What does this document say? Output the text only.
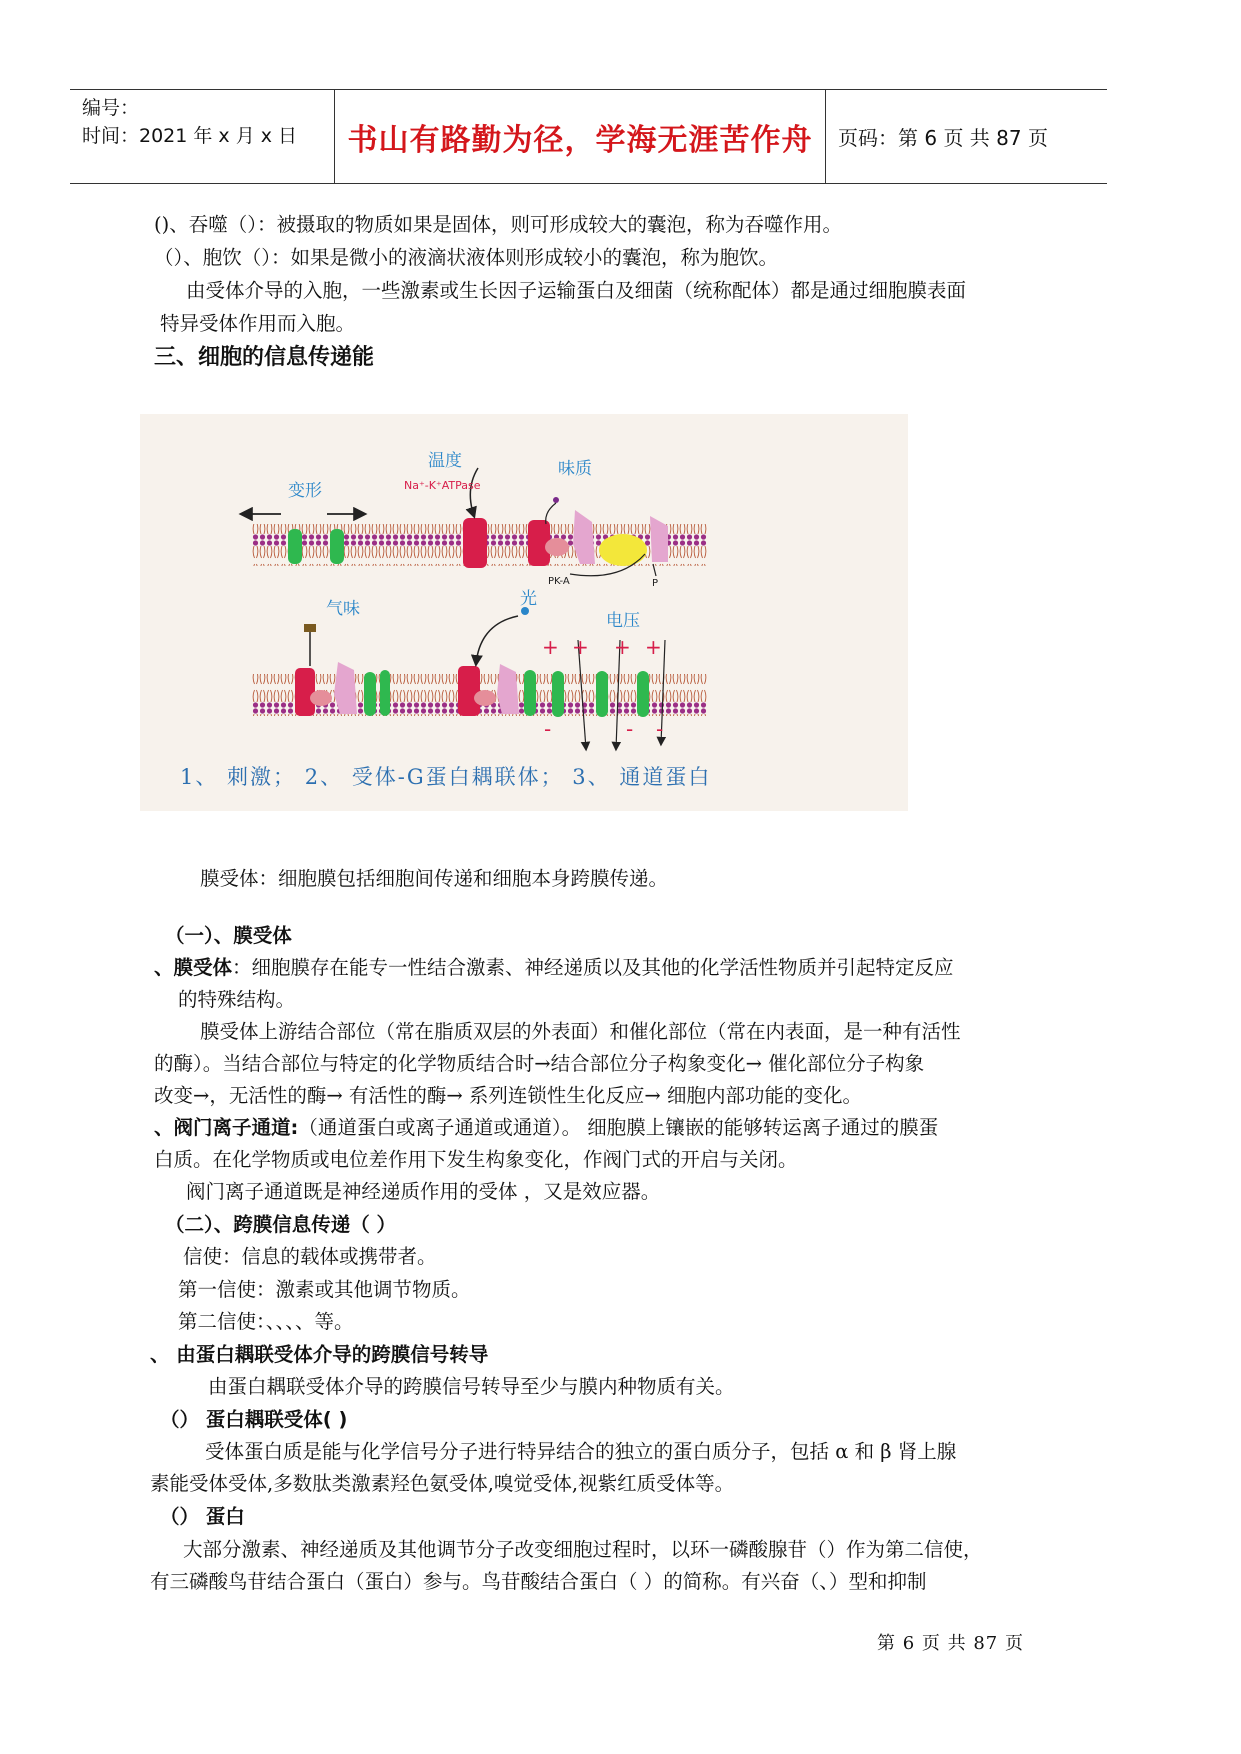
编号：
时间：2021 年 x 月 x 日	书山有路勤为径，学海无涯苦作舟	页码：第 6 页 共 87 页
()、吞噬（）：被摄取的物质如果是固体，则可形成较大的囊泡，称为吞噬作用。
（）、胞饮（）：如果是微小的液滴状液体则形成较小的囊泡，称为胞饮。
由受体介导的入胞，一些激素或生长因子运输蛋白及细菌（统称配体）都是通过细胞膜表面
特异受体作用而入胞。
三、细胞的信息传递能
+ + + +
-	- -
变形
温度
Na⁺-K⁺ATPase
味质
PK-A	P
气味	光
电压
1、 刺激； 2、 受体-G蛋白耦联体； 3、 通道蛋白
膜受体：细胞膜包括细胞间传递和细胞本身跨膜传递。
（一）、膜受体
、膜受体：细胞膜存在能专一性结合激素、神经递质以及其他的化学活性物质并引起特定反应
的特殊结构。
膜受体上游结合部位（常在脂质双层的外表面）和催化部位（常在内表面，是一种有活性
的酶）。当结合部位与特定的化学物质结合时→结合部位分子构象变化→ 催化部位分子构象
改变→，无活性的酶→ 有活性的酶→ 系列连锁性生化反应→ 细胞内部功能的变化。
、阀门离子通道:（通道蛋白或离子通道或通道）。 细胞膜上镶嵌的能够转运离子通过的膜蛋
白质。在化学物质或电位差作用下发生构象变化，作阀门式的开启与关闭。
阀门离子通道既是神经递质作用的受体 ，又是效应器。
（二）、跨膜信息传递（ ）
信使：信息的载体或携带者。
第一信使：激素或其他调节物质。
第二信使：、、、、等。
、 由蛋白耦联受体介导的跨膜信号转导
由蛋白耦联受体介导的跨膜信号转导至少与膜内种物质有关。
（） 蛋白耦联受体( )
受体蛋白质是能与化学信号分子进行特异结合的独立的蛋白质分子，包括 α 和 β 肾上腺
素能受体受体,多数肽类激素羟色氨受体,嗅觉受体,视紫红质受体等。
（） 蛋白
大部分激素、神经递质及其他调节分子改变细胞过程时，以环一磷酸腺苷（）作为第二信使，
有三磷酸鸟苷结合蛋白（蛋白）参与。鸟苷酸结合蛋白（ ）的简称。有兴奋（、）型和抑制
第 6 页 共 87 页
